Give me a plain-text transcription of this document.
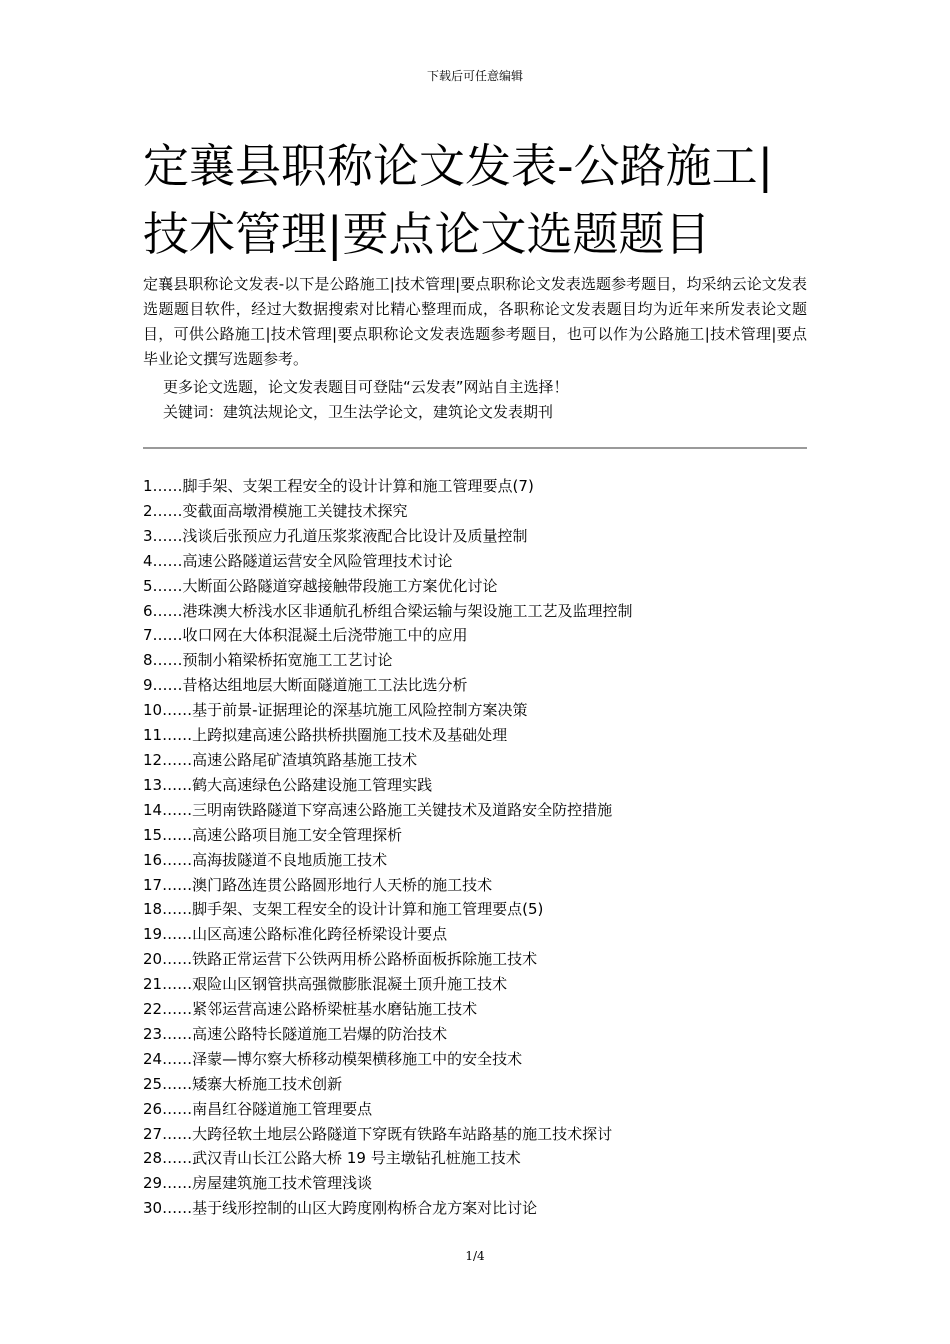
下载后可任意编辑
定襄县职称论文发表-公路施工|技术管理|要点论文选题题目

定襄县职称论文发表-以下是公路施工|技术管理|要点职称论文发表选题参考题目，均采纳云论文发表选题题目软件，经过大数据搜索对比精心整理而成，各职称论文发表题目均为近年来所发表论文题目，可供公路施工|技术管理|要点职称论文发表选题参考题目，也可以作为公路施工|技术管理|要点毕业论文撰写选题参考。

更多论文选题，论文发表题目可登陆“云发表”网站自主选择！
关键词：建筑法规论文，卫生法学论文，建筑论文发表期刊
1……脚手架、支架工程安全的设计计算和施工管理要点(7)
2……变截面高墩滑模施工关键技术探究
3……浅谈后张预应力孔道压浆浆液配合比设计及质量控制
4……高速公路隧道运营安全风险管理技术讨论
5……大断面公路隧道穿越接触带段施工方案优化讨论
6……港珠澳大桥浅水区非通航孔桥组合梁运输与架设施工工艺及监理控制
7……收口网在大体积混凝土后浇带施工中的应用
8……预制小箱梁桥拓宽施工工艺讨论
9……昔格达组地层大断面隧道施工工法比选分析
10……基于前景-证据理论的深基坑施工风险控制方案决策
11……上跨拟建高速公路拱桥拱圈施工技术及基础处理
12……高速公路尾矿渣填筑路基施工技术
13……鹤大高速绿色公路建设施工管理实践
14……三明南铁路隧道下穿高速公路施工关键技术及道路安全防控措施
15……高速公路项目施工安全管理探析
16……高海拔隧道不良地质施工技术
17……澳门路氹连贯公路圆形地行人天桥的施工技术
18……脚手架、支架工程安全的设计计算和施工管理要点(5)
19……山区高速公路标准化跨径桥梁设计要点
20……铁路正常运营下公铁两用桥公路桥面板拆除施工技术
21……艰险山区钢管拱高强微膨胀混凝土顶升施工技术
22……紧邻运营高速公路桥梁桩基水磨钻施工技术
23……高速公路特长隧道施工岩爆的防治技术
24……泽蒙—博尔察大桥移动模架横移施工中的安全技术
25……矮寨大桥施工技术创新
26……南昌红谷隧道施工管理要点
27……大跨径软土地层公路隧道下穿既有铁路车站路基的施工技术探讨
28……武汉青山长江公路大桥 19 号主墩钻孔桩施工技术
29……房屋建筑施工技术管理浅谈
30……基于线形控制的山区大跨度刚构桥合龙方案对比讨论
1/4
